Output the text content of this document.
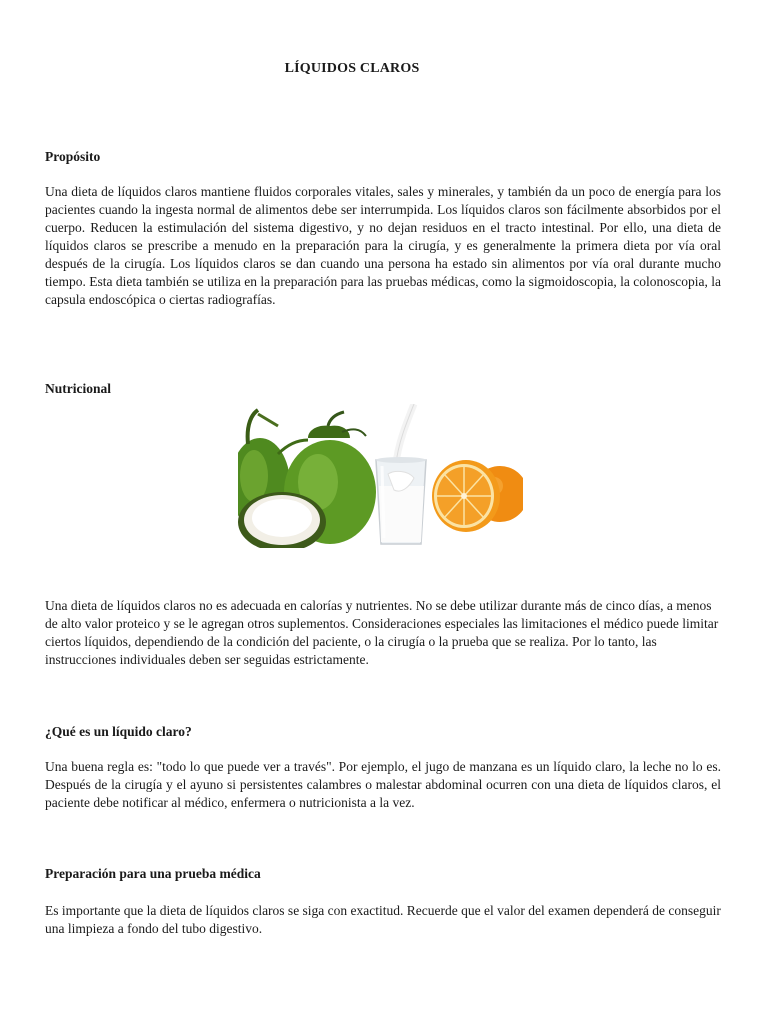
LÍQUIDOS CLAROS
Propósito

Una dieta de líquidos claros mantiene fluidos corporales vitales, sales y minerales, y también da un poco de energía para los pacientes cuando la ingesta normal de alimentos debe ser interrumpida. Los líquidos claros son fácilmente absorbidos por el cuerpo. Reducen la estimulación del sistema digestivo, y no dejan residuos en el tracto intestinal. Por ello, una dieta de líquidos claros se prescribe a menudo en la preparación para la cirugía, y es generalmente la primera dieta por vía oral después de la cirugía. Los líquidos claros se dan cuando una persona ha estado sin alimentos por vía oral durante mucho tiempo. Esta dieta también se utiliza en la preparación para las pruebas médicas, como la sigmoidoscopia, la colonoscopia, la capsula endoscópica o ciertas radiografías.

Nutricional

Una dieta de líquidos claros no es adecuada en calorías y nutrientes. No se debe utilizar durante más de cinco días, a menos de alto valor proteico y se le agregan otros suplementos. Consideraciones especiales las limitaciones el médico puede limitar ciertos líquidos, dependiendo de la condición del paciente, o la cirugía o la prueba que se realiza. Por lo tanto, las instrucciones individuales deben ser seguidas estrictamente.

¿Qué es un líquido claro?

Una buena regla es: "todo lo que puede ver a través". Por ejemplo, el jugo de manzana es un líquido claro, la leche no lo es. Después de la cirugía y el ayuno si persistentes calambres o malestar abdominal ocurren con una dieta de líquidos claros, el paciente debe notificar al médico, enfermera o nutricionista a la vez.

Preparación para una prueba médica

Es importante que la dieta de líquidos claros se siga con exactitud. Recuerde que el valor del examen dependerá de conseguir una limpieza a fondo del tubo digestivo.
